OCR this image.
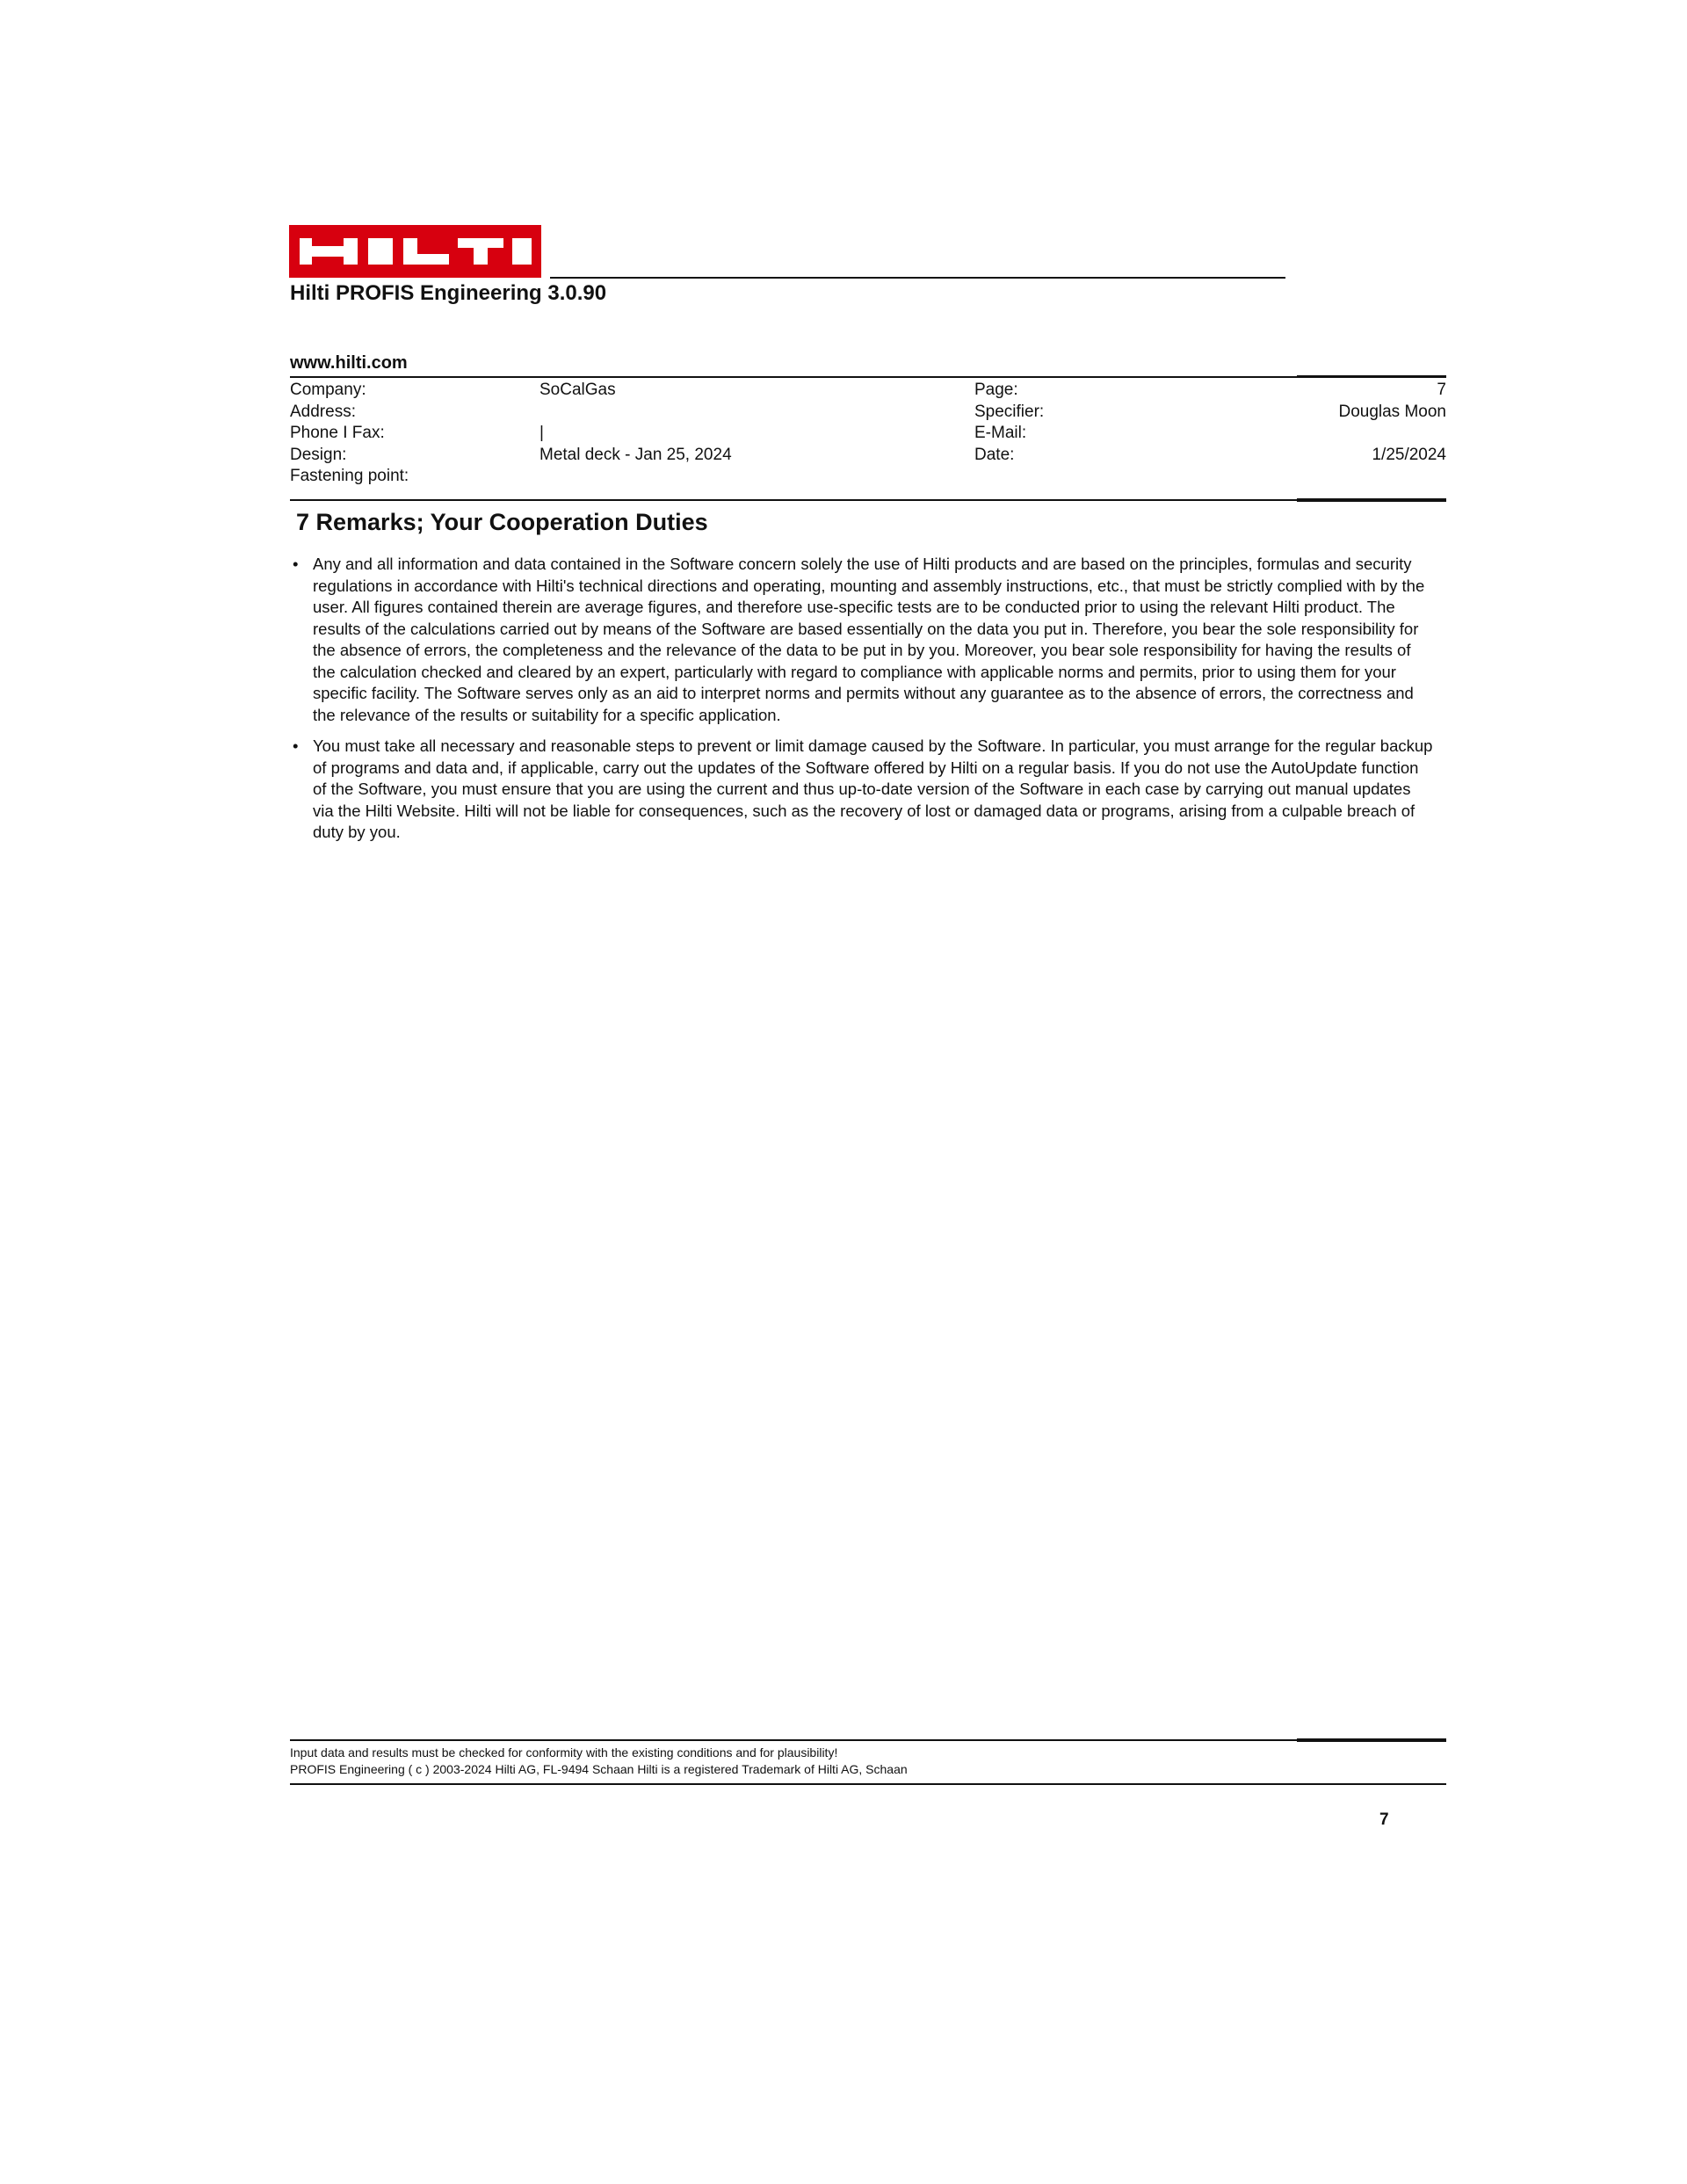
Hilti PROFIS Engineering 3.0.90
www.hilti.com
Company:
Address:
Phone I Fax:
Design:
Fastening point:
SoCalGas
|
Metal deck - Jan 25, 2024
Page:
Specifier:
E-Mail:
Date:
7
Douglas Moon
1/25/2024
7 Remarks; Your Cooperation Duties
• Any and all information and data contained in the Software concern solely the use of Hilti products and are based on the principles, formulas and security regulations in accordance with Hilti's technical directions and operating, mounting and assembly instructions, etc., that must be strictly complied with by the user. All figures contained therein are average figures, and therefore use-specific tests are to be conducted prior to using the relevant Hilti product. The results of the calculations carried out by means of the Software are based essentially on the data you put in. Therefore, you bear the sole responsibility for the absence of errors, the completeness and the relevance of the data to be put in by you. Moreover, you bear sole responsibility for having the results of the calculation checked and cleared by an expert, particularly with regard to compliance with applicable norms and permits, prior to using them for your specific facility. The Software serves only as an aid to interpret norms and permits without any guarantee as to the absence of errors, the correctness and the relevance of the results or suitability for a specific application.
• You must take all necessary and reasonable steps to prevent or limit damage caused by the Software. In particular, you must arrange for the regular backup of programs and data and, if applicable, carry out the updates of the Software offered by Hilti on a regular basis. If you do not use the AutoUpdate function of the Software, you must ensure that you are using the current and thus up-to-date version of the Software in each case by carrying out manual updates via the Hilti Website. Hilti will not be liable for consequences, such as the recovery of lost or damaged data or programs, arising from a culpable breach of duty by you.
Input data and results must be checked for conformity with the existing conditions and for plausibility!
PROFIS Engineering ( c ) 2003-2024 Hilti AG, FL-9494 Schaan Hilti is a registered Trademark of Hilti AG, Schaan
7
